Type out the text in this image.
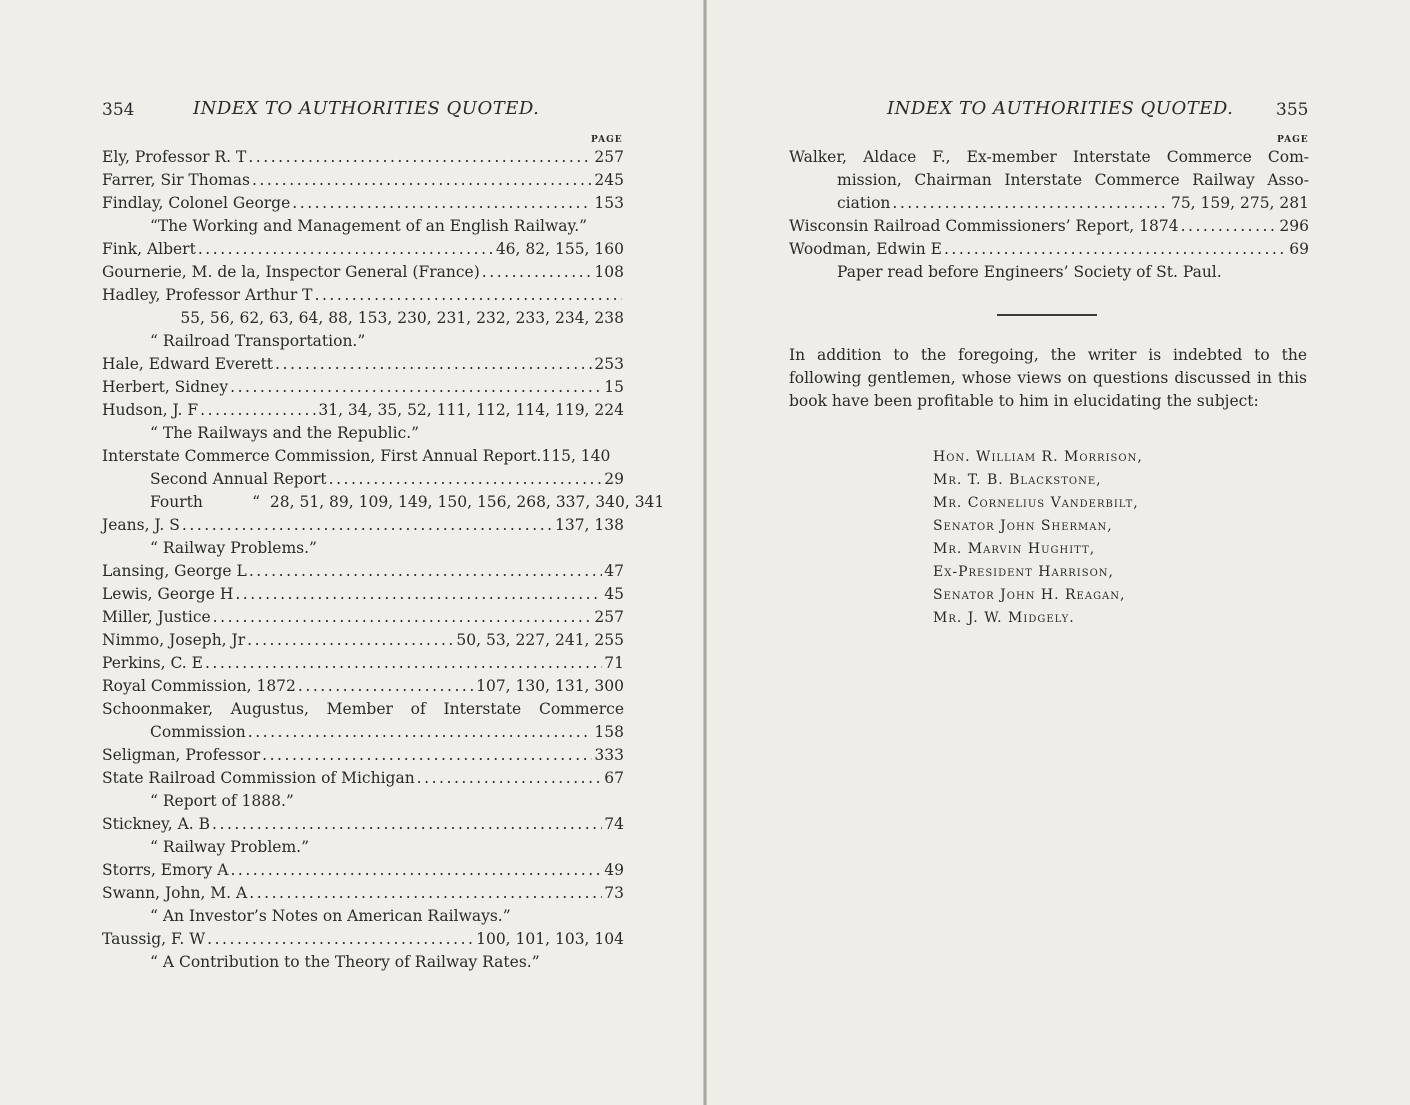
354	INDEX TO AUTHORITIES QUOTED.
PAGE
Ely, Professor R. T . . .	257
Farrer, Sir Thomas . . .	245
Findlay, Colonel George . . .	153
“The Working and Management of an English Railway.”
Fink, Albert . . .	46, 82, 155, 160
Gournerie, M. de la, Inspector General (France) . . .	108
Hadley, Professor Arthur T
. . .
55, 56, 62, 63, 64, 88, 153, 230, 231, 232, 233, 234, 238
“ Railroad Transportation.”
Hale, Edward Everett . . .	253
Herbert, Sidney . . .	15
Hudson, J. F . . .	31, 34, 35, 52, 111, 112, 114, 119, 224
“ The Railways and the Republic.”
Interstate Commerce Commission, First Annual Report.115, 140
Second Annual Report . . .	29
Fourth          “  28, 51, 89, 109, 149, 150, 156, 268, 337, 340, 341
Jeans, J. S . . .	137, 138
“ Railway Problems.”
Lansing, George L . . .	47
Lewis, George H . . .	45
Miller, Justice . . .	257
Nimmo, Joseph, Jr . . .	50, 53, 227, 241, 255
Perkins, C. E . . .	71
Royal Commission, 1872 . . .	107, 130, 131, 300
Schoonmaker, Augustus, Member of Interstate Commerce
Commission . . .	158
Seligman, Professor . . .	333
State Railroad Commission of Michigan . . .	67
“ Report of 1888.”
Stickney, A. B . . .	74
“ Railway Problem.”
Storrs, Emory A . . .	49
Swann, John, M. A . . .	73
“ An Investor’s Notes on American Railways.”
Taussig, F. W . . .	100, 101, 103, 104
“ A Contribution to the Theory of Railway Rates.”
INDEX TO AUTHORITIES QUOTED.	355
PAGE
Walker, Aldace F., Ex-member Interstate Commerce Com-
mission, Chairman Interstate Commerce Railway Asso-
ciation . . .	75, 159, 275, 281
Wisconsin Railroad Commissioners’ Report, 1874 . . .	296
Woodman, Edwin E . . .	69
Paper read before Engineers’ Society of St. Paul.
In addition to the foregoing, the writer is indebted to the following gentlemen, whose views on questions discussed in this book have been profitable to him in elucidating the subject:
Hon. William R. Morrison,
Mr. T. B. Blackstone,
Mr. Cornelius Vanderbilt,
Senator John Sherman,
Mr. Marvin Hughitt,
Ex-President Harrison,
Senator John H. Reagan,
Mr. J. W. Midgely.
